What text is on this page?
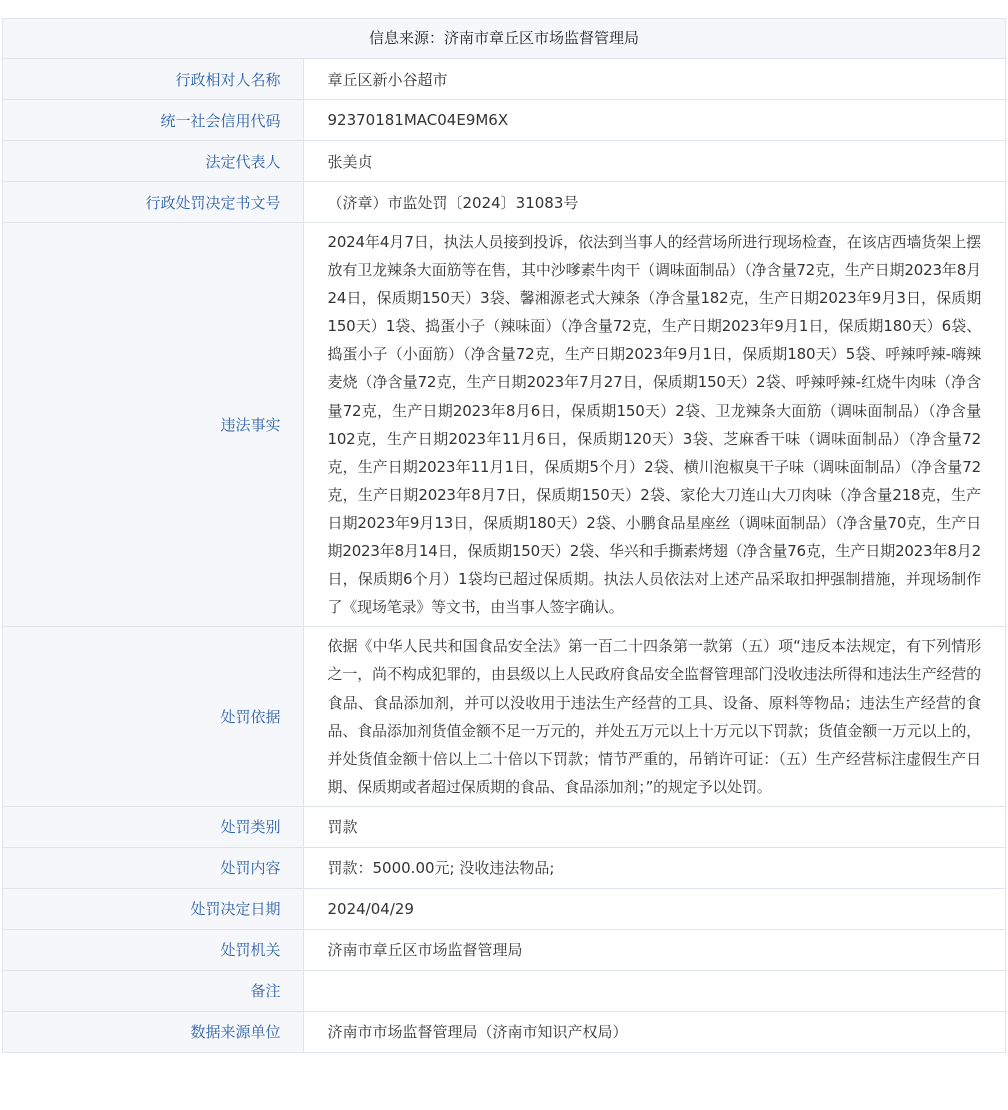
信息来源：济南市章丘区市场监督管理局
行政相对人名称	章丘区新小谷超市
统一社会信用代码	92370181MAC04E9M6X
法定代表人	张美贞
行政处罚决定书文号	（济章）市监处罚〔2024〕31083号
违法事实	2024年4月7日，执法人员接到投诉，依法到当事人的经营场所进行现场检查，在该店西墙货架上摆放有卫龙辣条大面筋等在售，其中沙嗲素牛肉干（调味面制品）（净含量72克，生产日期2023年8月24日，保质期150天）3袋、馨湘源老式大辣条（净含量182克，生产日期2023年9月3日，保质期150天）1袋、捣蛋小子（辣味面）（净含量72克，生产日期2023年9月1日，保质期180天）6袋、捣蛋小子（小面筋）（净含量72克，生产日期2023年9月1日，保质期180天）5袋、呼辣呼辣-嗨辣麦烧（净含量72克，生产日期2023年7月27日，保质期150天）2袋、呼辣呼辣-红烧牛肉味（净含量72克，生产日期2023年8月6日，保质期150天）2袋、卫龙辣条大面筋（调味面制品）（净含量102克，生产日期2023年11月6日，保质期120天）3袋、芝麻香干味（调味面制品）（净含量72克，生产日期2023年11月1日，保质期5个月）2袋、横川泡椒臭干子味（调味面制品）（净含量72克，生产日期2023年8月7日，保质期150天）2袋、家伦大刀连山大刀肉味（净含量218克，生产日期2023年9月13日，保质期180天）2袋、小鹏食品星座丝（调味面制品）（净含量70克，生产日期2023年8月14日，保质期150天）2袋、华兴和手撕素烤翅（净含量76克，生产日期2023年8月2日，保质期6个月）1袋均已超过保质期。执法人员依法对上述产品采取扣押强制措施，并现场制作了《现场笔录》等文书，由当事人签字确认。
处罚依据	依据《中华人民共和国食品安全法》第一百二十四条第一款第（五）项“违反本法规定，有下列情形之一，尚不构成犯罪的，由县级以上人民政府食品安全监督管理部门没收违法所得和违法生产经营的食品、食品添加剂，并可以没收用于违法生产经营的工具、设备、原料等物品；违法生产经营的食品、食品添加剂货值金额不足一万元的，并处五万元以上十万元以下罚款；货值金额一万元以上的，并处货值金额十倍以上二十倍以下罚款；情节严重的，吊销许可证：（五）生产经营标注虚假生产日期、保质期或者超过保质期的食品、食品添加剂；”的规定予以处罚。
处罚类别	罚款
处罚内容	罚款：5000.00元; 没收违法物品;
处罚决定日期	2024/04/29
处罚机关	济南市章丘区市场监督管理局
备注	
数据来源单位	济南市市场监督管理局（济南市知识产权局）
